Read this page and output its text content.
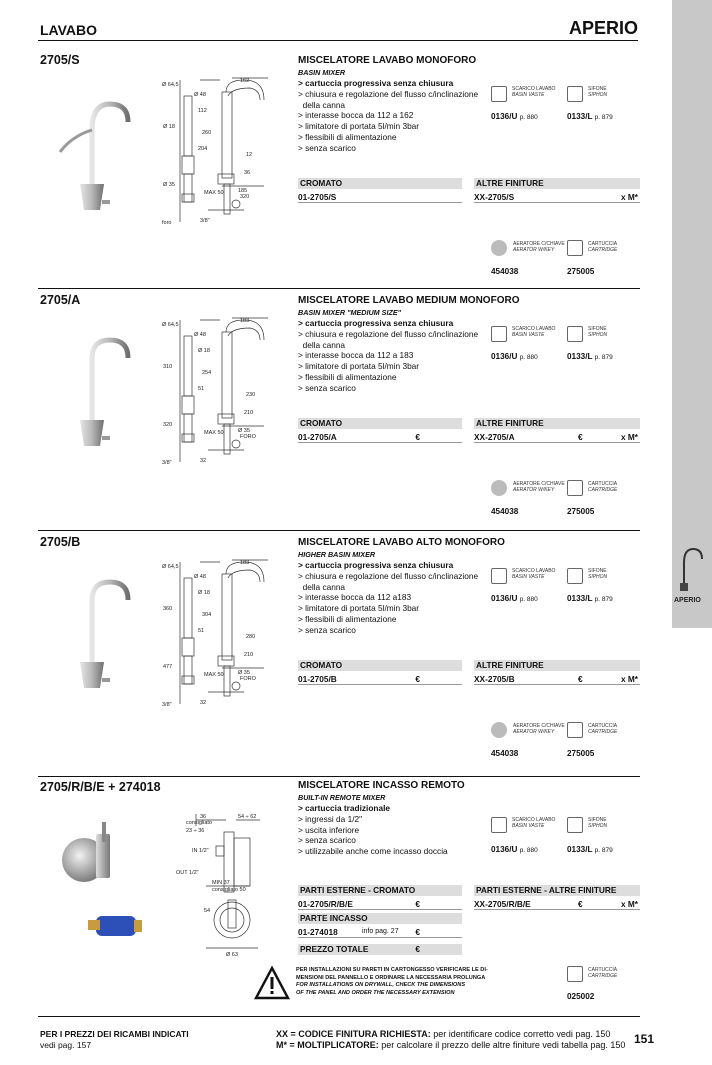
LAVABO	APERIO
APERIO
2705/S
Ø 64,5
162
Ø 48
112
Ø 18
260
204
12
36
185
320
MAX 50
Ø 35
foro	3/8"
MISCELATORE LAVABO MONOFORO
BASIN MIXER
> cartuccia progressiva senza chiusura
> chiusura e regolazione del flusso c/inclinazione
della canna
> interasse bocca da 112 a 162
> limitatore di portata 5l/min 3bar
> flessibili di alimentazione
> senza scarico
SCARICO LAVABO
BASIN VASTE
0136/U p. 880
SIFONE
SIPHON
0133/L p. 879
CROMATO	ALTRE FINITURE
01-2705/S	XX-2705/S	x M*
AERATORE C/CHIAVE
AERATOR W/KEY
454038
CARTUCCIA
CARTRIDGE
275005
2705/A
Ø 64,5
183
Ø 48
Ø 18
310
254
51
230
210
Ø 35
FORO
MAX 50
320
3/8"	32
MISCELATORE LAVABO MEDIUM MONOFORO
BASIN MIXER "MEDIUM SIZE"
> cartuccia progressiva senza chiusura
> chiusura e regolazione del flusso c/inclinazione
della canna
> interasse bocca da 112 a 183
> limitatore di portata 5l/min 3bar
> flessibili di alimentazione
> senza scarico
SCARICO LAVABO
BASIN VASTE
0136/U p. 880
SIFONE
SIPHON
0133/L p. 879
CROMATO	ALTRE FINITURE
01-2705/A	€	XX-2705/A	€	x M*
AERATORE C/CHIAVE
AERATOR W/KEY
454038
CARTUCCIA
CARTRIDGE
275005
2705/B
Ø 64,5
183
Ø 48
Ø 18
360
304
51
280
210
Ø 35
FORO
MAX 50
477
3/8"	32
MISCELATORE LAVABO ALTO MONOFORO
HIGHER BASIN MIXER
> cartuccia progressiva senza chiusura
> chiusura e regolazione del flusso c/inclinazione
della canna
> interasse bocca da 112 a183
> limitatore di portata 5l/min 3bar
> flessibili di alimentazione
> senza scarico
SCARICO LAVABO
BASIN VASTE
0136/U p. 880
SIFONE
SIPHON
0133/L p. 879
CROMATO	ALTRE FINITURE
01-2705/B	€	XX-2705/B	€	x M*
AERATORE C/CHIAVE
AERATOR W/KEY
454038
CARTUCCIA
CARTRIDGE
275005
2705/R/B/E + 274018
36
consigliato
23 ÷ 36
54 ÷ 62
IN 1/2"
OUT 1/2"
MIN 37
consigliato 50
54
Ø 63
MISCELATORE INCASSO REMOTO
BUILT-IN REMOTE MIXER
> cartuccia tradizionale
> ingressi da 1/2"
> uscita inferiore
> senza scarico
> utilizzabile anche come incasso doccia
SCARICO LAVABO
BASIN VASTE
0136/U p. 880
SIFONE
SIPHON
0133/L p. 879
PARTI ESTERNE - CROMATO	PARTI ESTERNE - ALTRE FINITURE
01-2705/R/B/E	€	XX-2705/R/B/E	€	x M*
PARTE INCASSO
01-274018	info pag. 27 €
PREZZO TOTALE	€
PER INSTALLAZIONI SU PARETI IN CARTONGESSO VERIFICARE LE DI-
MENSIONI DEL PANNELLO E ORDINARE LA NECESSARIA PROLUNGA
FOR INSTALLATIONS ON DRYWALL, CHECK THE DIMENSIONS
OF THE PANEL AND ORDER THE NECESSARY EXTENSION
CARTUCCIA
CARTRIDGE
025002
PER I PREZZI DEI RICAMBI INDICATI
vedi pag. 157
XX = CODICE FINITURA RICHIESTA: per identificare codice corretto vedi pag. 150
M* = MOLTIPLICATORE: per calcolare il prezzo delle altre finiture vedi tabella pag. 150 151
